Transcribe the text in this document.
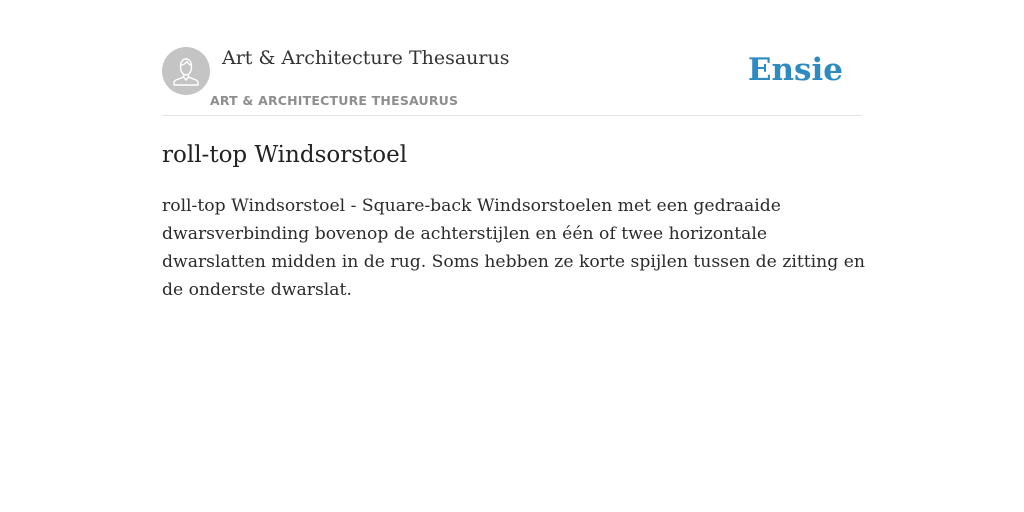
Art & Architecture Thesaurus
ART & ARCHITECTURE THESAURUS
Ensie
roll-top Windsorstoel

roll-top Windsorstoel - Square-back Windsorstoelen met een gedraaide dwarsverbinding bovenop de achterstijlen en één of twee horizontale dwarslatten midden in de rug. Soms hebben ze korte spijlen tussen de zitting en de onderste dwarslat.
